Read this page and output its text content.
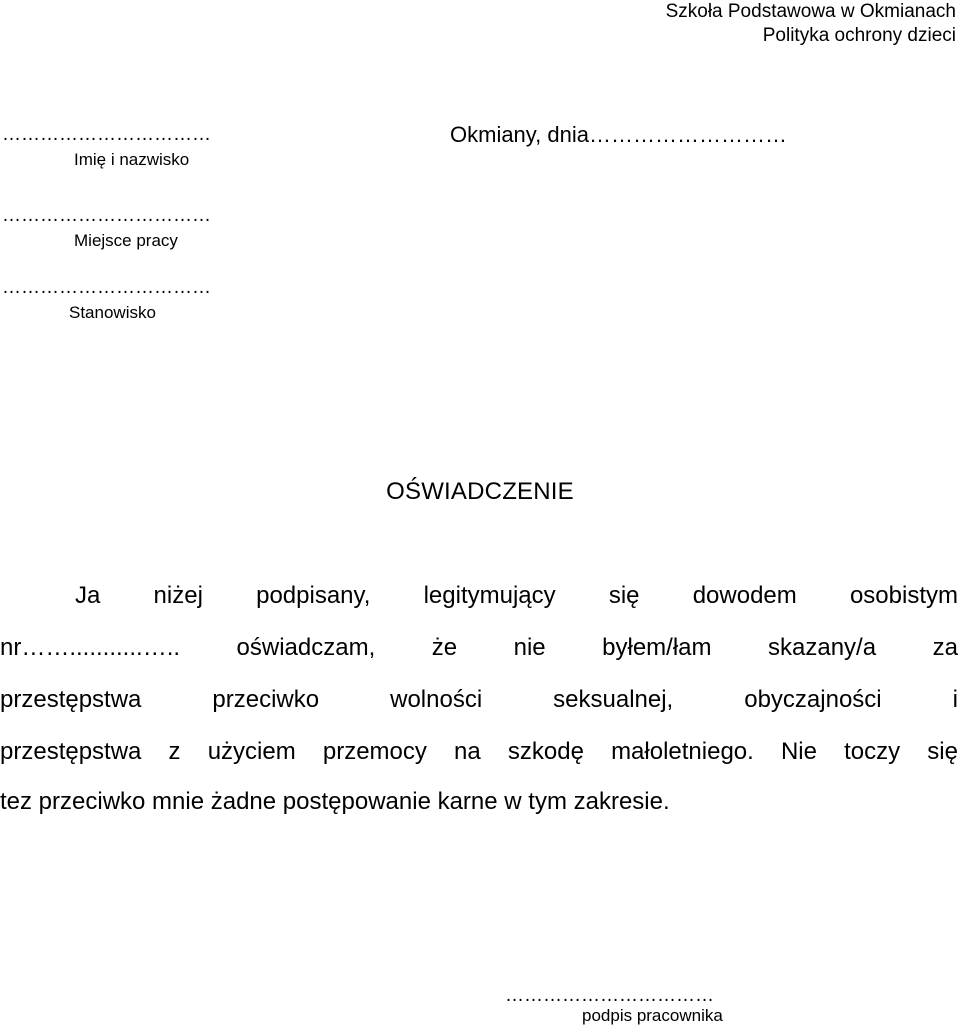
Szkoła Podstawowa w Okmianach
Polityka ochrony dzieci
……………………………
Imię i nazwisko
Okmiany, dnia………………………
……………………………
Miejsce pracy
……………………………
Stanowisko
OŚWIADCZENIE
Ja niżej podpisany, legitymujący się dowodem osobistym
nr……...........….. oświadczam, że nie byłem/łam skazany/a za
przestępstwa	przeciwko	wolności	seksualnej,	obyczajności	i
przestępstwa z użyciem przemocy na szkodę małoletniego. Nie toczy się
tez przeciwko mnie żadne postępowanie karne w tym zakresie.
……………………………
podpis pracownika
